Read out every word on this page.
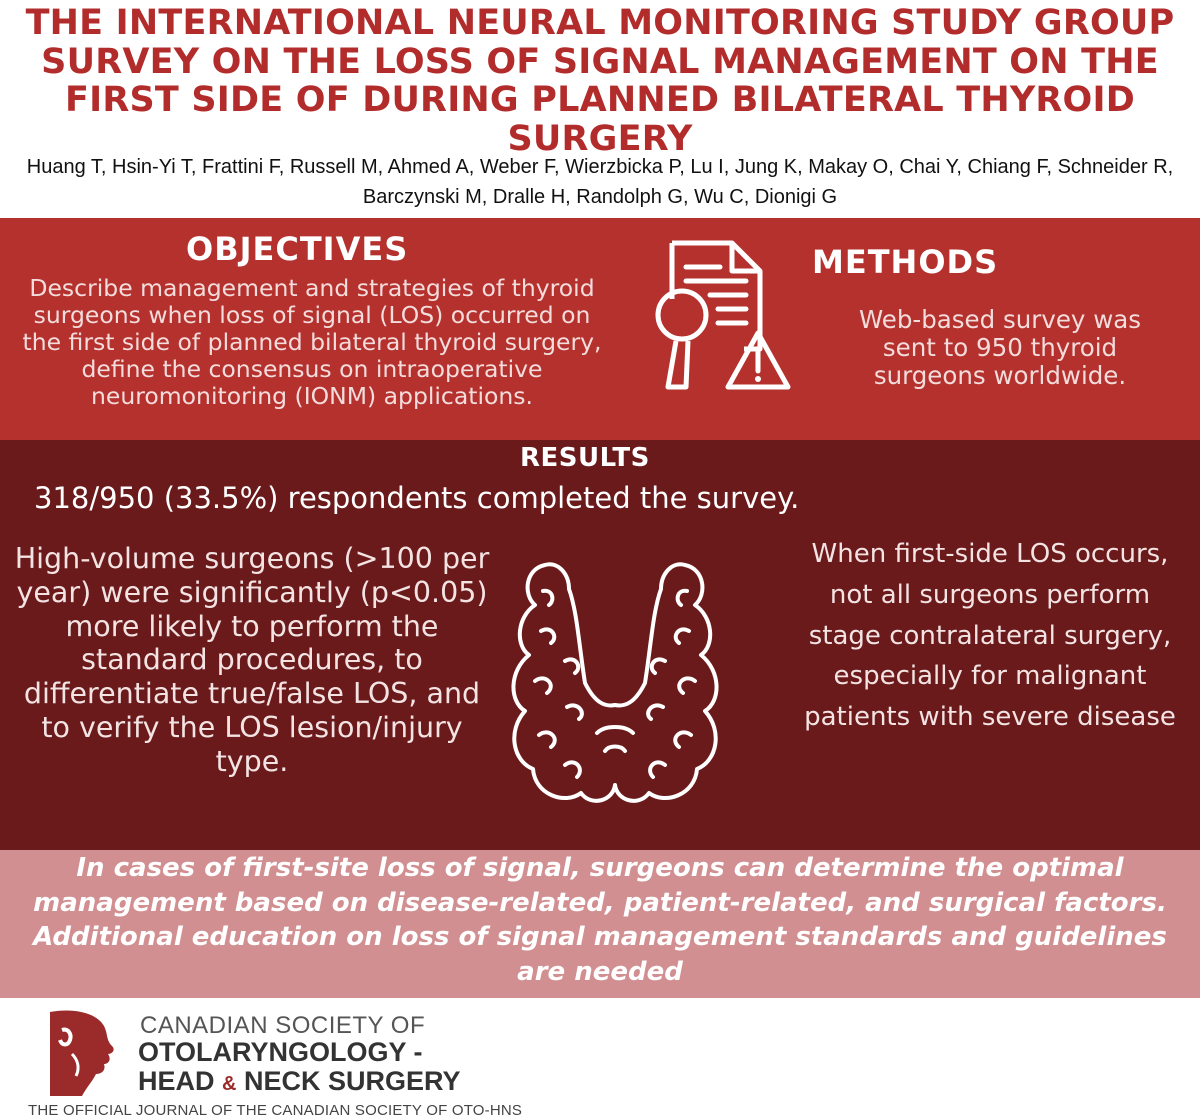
THE INTERNATIONAL NEURAL MONITORING STUDY GROUP SURVEY ON THE LOSS OF SIGNAL MANAGEMENT ON THE FIRST SIDE OF DURING PLANNED BILATERAL THYROID SURGERY
Huang T, Hsin-Yi T, Frattini F, Russell M, Ahmed A, Weber F, Wierzbicka P, Lu I, Jung K, Makay O, Chai Y, Chiang F, Schneider R, Barczynski M, Dralle H, Randolph G, Wu C, Dionigi G
OBJECTIVES
Describe management and strategies of thyroid surgeons when loss of signal (LOS) occurred on the first side of planned bilateral thyroid surgery, define the consensus on intraoperative neuromonitoring (IONM) applications.
METHODS
Web-based survey was sent to 950 thyroid surgeons worldwide.
RESULTS
318/950 (33.5%) respondents completed the survey.
High-volume surgeons (>100 per year) were significantly (p<0.05) more likely to perform the standard procedures, to differentiate true/false LOS, and to verify the LOS lesion/injury type.
When first-side LOS occurs, not all surgeons perform stage contralateral surgery, especially for malignant patients with severe disease
In cases of first-site loss of signal, surgeons can determine the optimal management based on disease-related, patient-related, and surgical factors. Additional education on loss of signal management standards and guidelines are needed
CANADIAN SOCIETY OF
OTOLARYNGOLOGY -
HEAD & NECK SURGERY
THE OFFICIAL JOURNAL OF THE CANADIAN SOCIETY OF OTO-HNS
